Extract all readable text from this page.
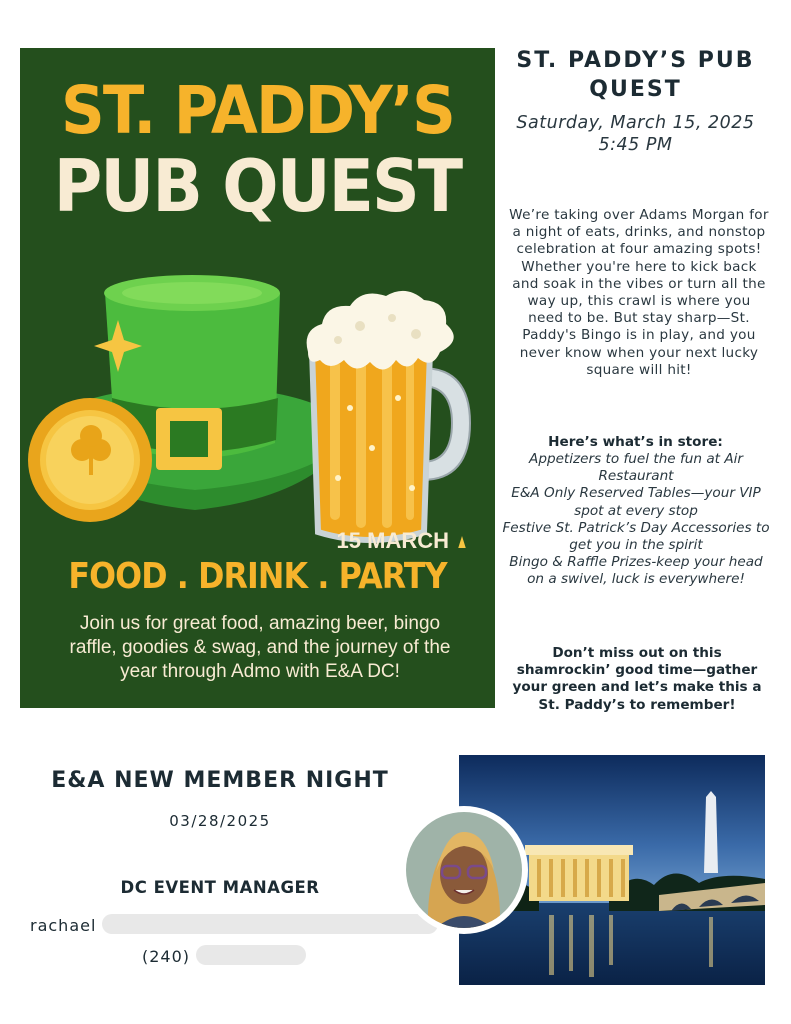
ST. PADDY’S
PUB QUEST
15 MARCH
FOOD . DRINK . PARTY
Join us for great food, amazing beer, bingo raffle, goodies & swag, and the journey of the year through Admo with E&A DC!
ST. PADDY’S PUB QUEST
Saturday, March 15, 2025
5:45 PM
We’re taking over Adams Morgan for a night of eats, drinks, and nonstop celebration at four amazing spots! Whether you're here to kick back and soak in the vibes or turn all the way up, this crawl is where you need to be. But stay sharp—St. Paddy's Bingo is in play, and you never know when your next lucky square will hit!
Here’s what’s in store:
Appetizers to fuel the fun at Air Restaurant
E&A Only Reserved Tables—your VIP spot at every stop
Festive St. Patrick’s Day Accessories to get you in the spirit
Bingo & Raffle Prizes-keep your head on a swivel, luck is everywhere!
Don’t miss out on this shamrockin’ good time—gather your green and let’s make this a St. Paddy’s to remember!
E&A NEW MEMBER NIGHT
03/28/2025
DC EVENT MANAGER
rachael
(240)
